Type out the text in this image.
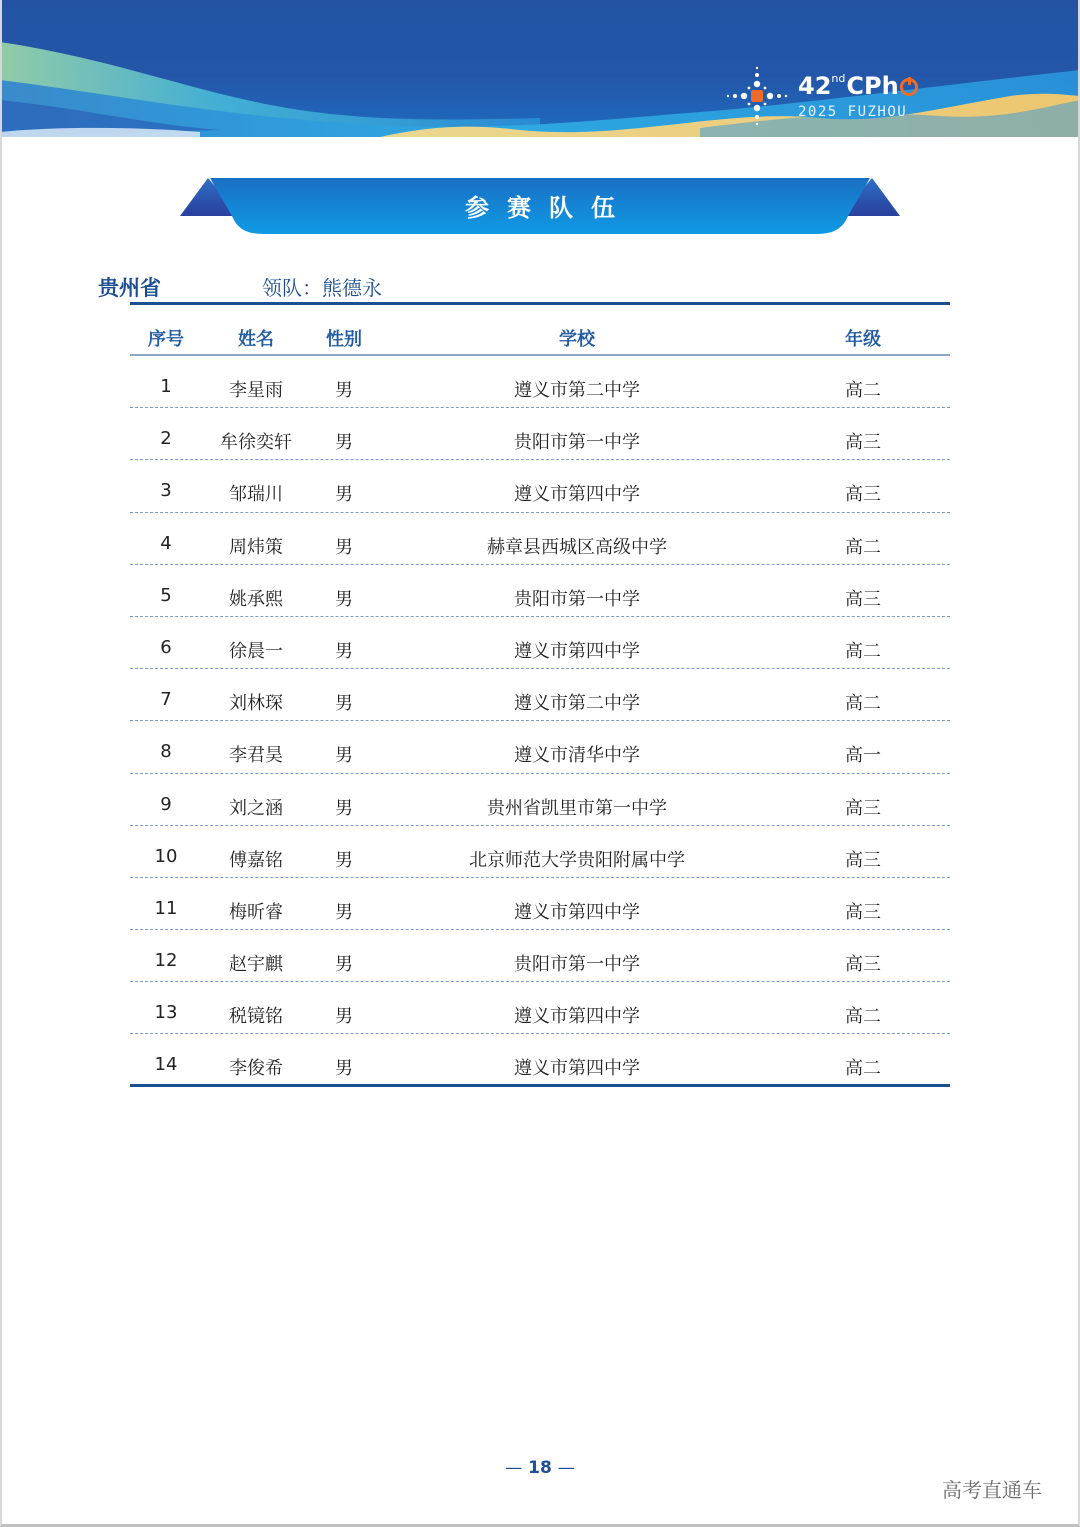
42ndCPh
2025 FUZHOU
参赛队伍
贵州省	领队：熊德永
序号	姓名	性别	学校	年级
1	李星雨	男	遵义市第二中学	高二
2	牟徐奕轩	男	贵阳市第一中学	高三
3	邹瑞川	男	遵义市第四中学	高三
4	周炜策	男	赫章县西城区高级中学	高二
5	姚承熙	男	贵阳市第一中学	高三
6	徐晨一	男	遵义市第四中学	高二
7	刘林琛	男	遵义市第二中学	高二
8	李君昊	男	遵义市清华中学	高一
9	刘之涵	男	贵州省凯里市第一中学	高三
10	傅嘉铭	男	北京师范大学贵阳附属中学	高三
11	梅昕睿	男	遵义市第四中学	高三
12	赵宇麒	男	贵阳市第一中学	高三
13	税镜铭	男	遵义市第四中学	高二
14	李俊希	男	遵义市第四中学	高二
— 18 —
高考直通车
